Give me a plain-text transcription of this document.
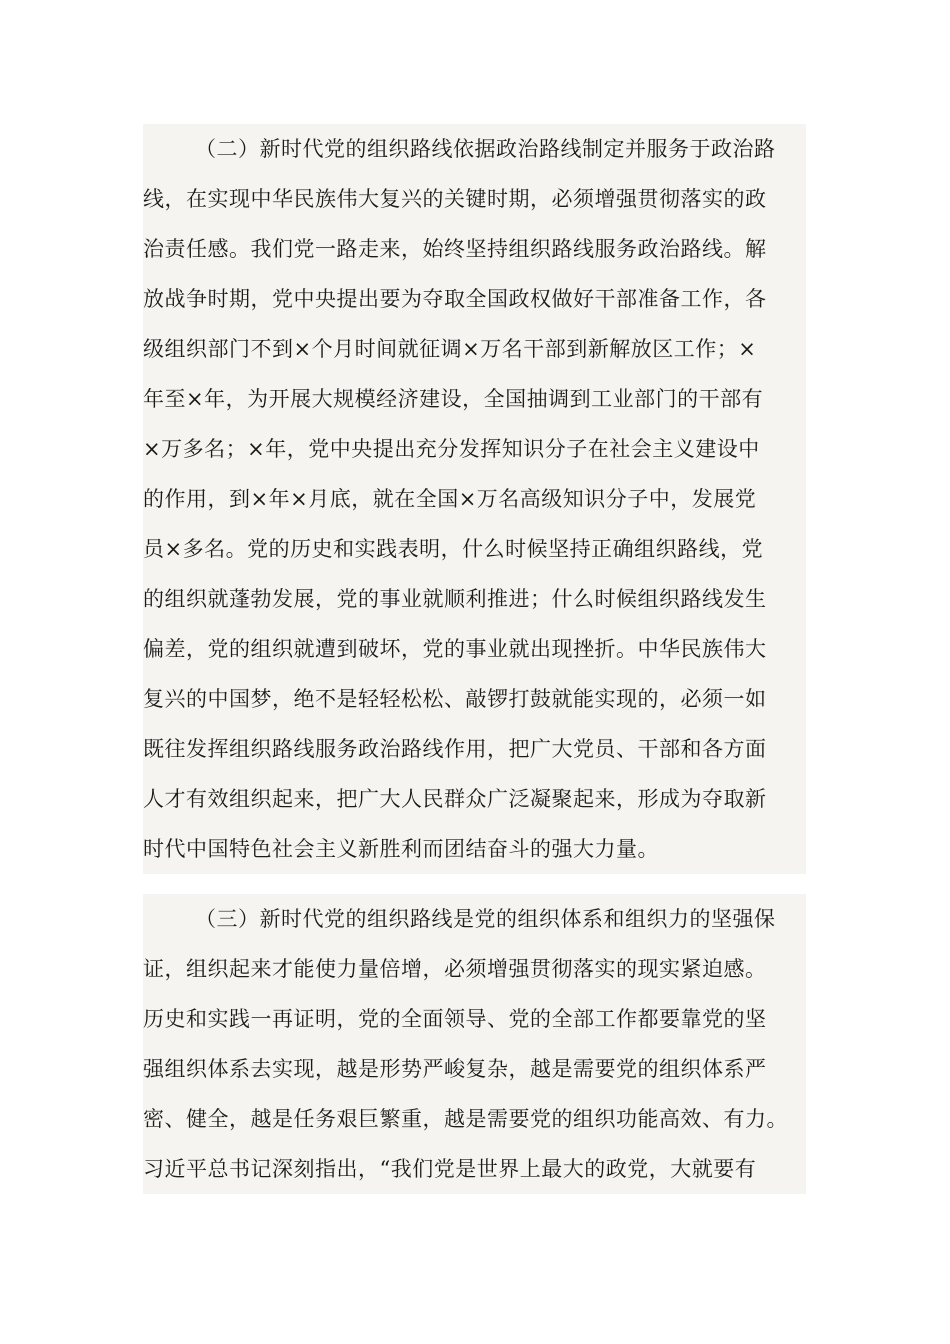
（二）新时代党的组织路线依据政治路线制定并服务于政治路
线，在实现中华民族伟大复兴的关键时期，必须增强贯彻落实的政
治责任感。我们党一路走来，始终坚持组织路线服务政治路线。解
放战争时期，党中央提出要为夺取全国政权做好干部准备工作，各
级组织部门不到×个月时间就征调×万名干部到新解放区工作；×
年至×年，为开展大规模经济建设，全国抽调到工业部门的干部有
×万多名；×年，党中央提出充分发挥知识分子在社会主义建设中
的作用，到×年×月底，就在全国×万名高级知识分子中，发展党
员×多名。党的历史和实践表明，什么时候坚持正确组织路线，党
的组织就蓬勃发展，党的事业就顺利推进；什么时候组织路线发生
偏差，党的组织就遭到破坏，党的事业就出现挫折。中华民族伟大
复兴的中国梦，绝不是轻轻松松、敲锣打鼓就能实现的，必须一如
既往发挥组织路线服务政治路线作用，把广大党员、干部和各方面
人才有效组织起来，把广大人民群众广泛凝聚起来，形成为夺取新
时代中国特色社会主义新胜利而团结奋斗的强大力量。
（三）新时代党的组织路线是党的组织体系和组织力的坚强保
证，组织起来才能使力量倍增，必须增强贯彻落实的现实紧迫感。
历史和实践一再证明，党的全面领导、党的全部工作都要靠党的坚
强组织体系去实现，越是形势严峻复杂，越是需要党的组织体系严
密、健全，越是任务艰巨繁重，越是需要党的组织功能高效、有力。
习近平总书记深刻指出，“我们党是世界上最大的政党，大就要有
